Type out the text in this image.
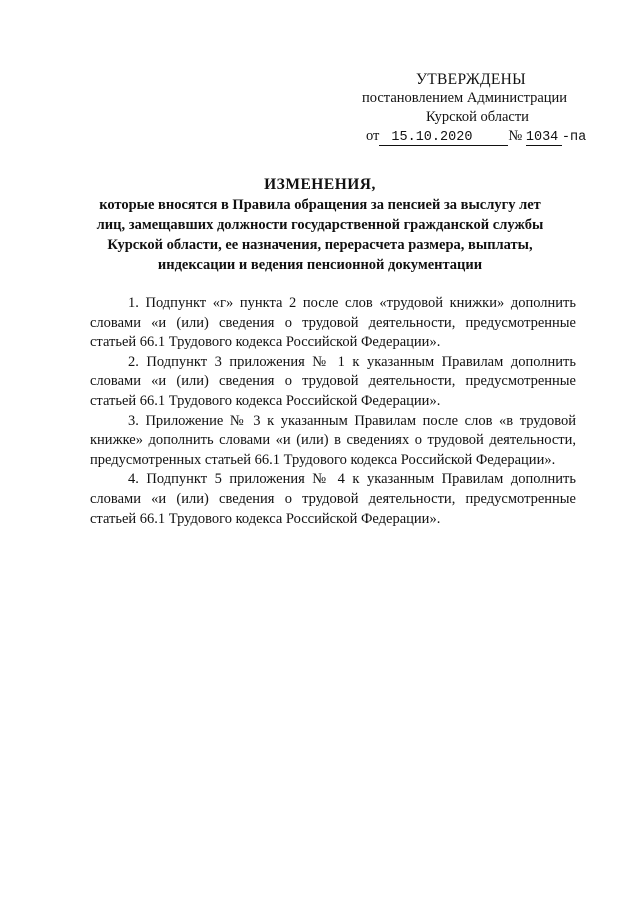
УТВЕРЖДЕНЫ
постановлением Администрации
Курской области
от 15.10.2020 № 1034 -па
ИЗМЕНЕНИЯ,
которые вносятся в Правила обращения за пенсией за выслугу лет
лиц, замещавших должности государственной гражданской службы
Курской области, ее назначения, перерасчета размера, выплаты,
индексации и ведения пенсионной документации

1. Подпункт «г» пункта 2 после слов «трудовой книжки» дополнить словами «и (или) сведения о трудовой деятельности, предусмотренные статьей 66.1 Трудового кодекса Российской Федерации».

2. Подпункт 3 приложения № 1 к указанным Правилам дополнить словами «и (или) сведения о трудовой деятельности, предусмотренные статьей 66.1 Трудового кодекса Российской Федерации».

3. Приложение № 3 к указанным Правилам после слов «в трудовой книжке» дополнить словами «и (или) в сведениях о трудовой деятельности, предусмотренных статьей 66.1 Трудового кодекса Российской Федерации».

4. Подпункт 5 приложения № 4 к указанным Правилам дополнить словами «и (или) сведения о трудовой деятельности, предусмотренные статьей 66.1 Трудового кодекса Российской Федерации».
